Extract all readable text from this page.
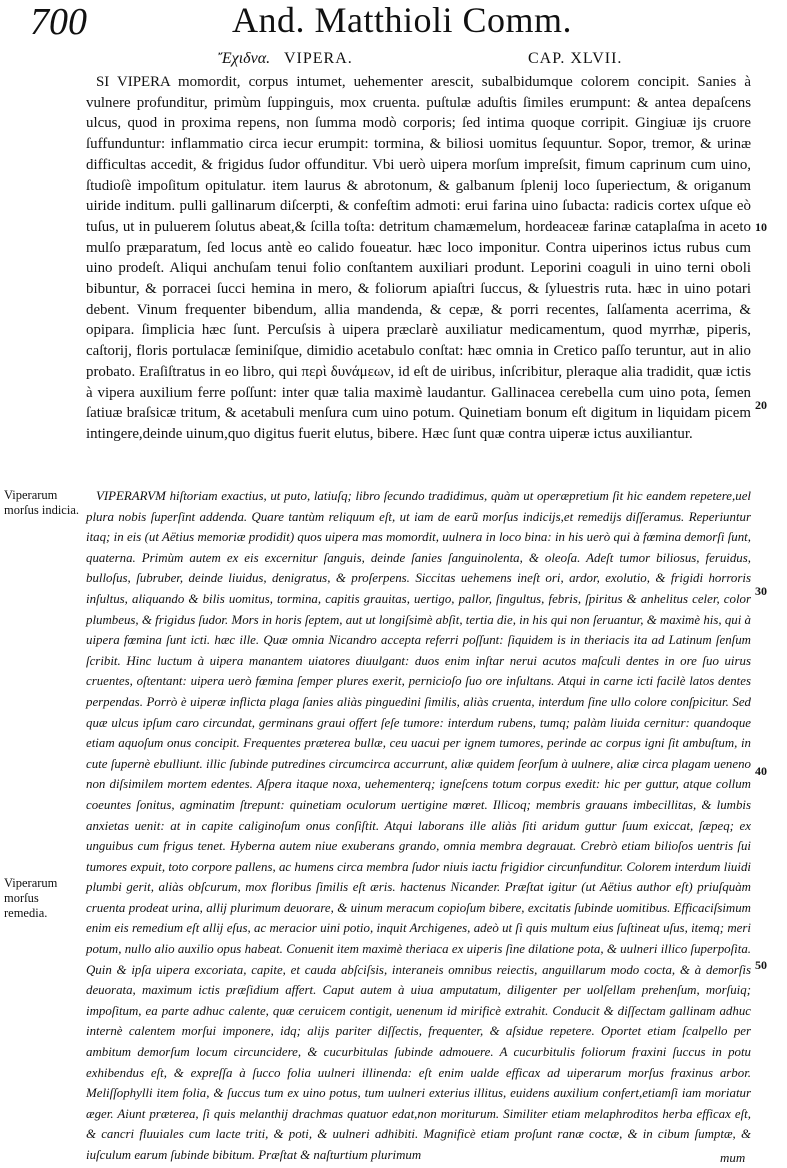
700	And. Matthioli Comm.
Ἔχιδνα. VIPERA.	CAP. XLVII.

SI VIPERA momordit, corpus intumet, uehementer arescit, subalbidumque colorem concipit. Sanies à vulnere profunditur, primùm ſuppinguis, mox cruenta. puſtulæ aduſtis ſimiles erumpunt: & antea depaſcens ulcus, quod in proxima repens, non ſumma modò corporis; ſed intima quoque corripit. Gingiuæ ijs cruore ſuffunduntur: inflammatio circa iecur erumpit: tormina, & biliosi uomitus ſequuntur. Sopor, tremor, & urinæ difficultas accedit, & frigidus ſudor offunditur. Vbi uerò uipera morſum impreſsit, fimum caprinum cum uino, ſtudioſè impoſitum opitulatur. item laurus & abrotonum, & galbanum ſplenij loco ſuperiectum, & origanum uiride inditum. pulli gallinarum diſcerpti, & confeſtim admoti: erui farina uino ſubacta: radicis cortex uſque eò tuſus, ut in puluerem ſolutus abeat,& ſcilla toſta: detritum chamæmelum, hordeaceæ farinæ cataplaſma in aceto mulſo præparatum, ſed locus antè eo calido foueatur. hæc loco imponitur. Contra uiperinos ictus rubus cum uino prodeſt. Aliqui anchuſam tenui folio conſtantem auxiliari produnt. Leporini coaguli in uino terni oboli bibuntur, & porracei ſucci hemina in mero, & foliorum apiaſtri ſuccus, & ſyluestris ruta. hæc in uino potari debent. Vinum frequenter bibendum, allia mandenda, & cepæ, & porri recentes, ſalſamenta acerrima, & opipara. ſimplicia hæc ſunt. Percuſsis à uipera præclarè auxiliatur medicamentum, quod myrrhæ, piperis, caſtorij, floris portulacæ ſeminiſque, dimidio acetabulo conſtat: hæc omnia in Cretico paſſo teruntur, aut in alio probato. Eraſiſtratus in eo libro, qui περὶ δυνάμεων, id eſt de uiribus, inſcribitur, pleraque alia tradidit, quæ ictis à vipera auxilium ferre poſſunt: inter quæ talia maximè laudantur. Gallinacea cerebella cum uino pota, ſemen ſatiuæ braſsicæ tritum, & acetabuli menſura cum uino potum. Quinetiam bonum eſt digitum in liquidam picem intingere,deinde uinum,quo digitus fuerit elutus, bibere. Hæc ſunt quæ contra uiperæ ictus auxiliantur.

VIPERARVM hiſtoriam exactius, ut puto, latiuſq; libro ſecundo tradidimus, quàm ut operæpretium ſit hic eandem repetere,uel plura nobis ſuperſint addenda. Quare tantùm reliquum eſt, ut iam de earũ morſus indicijs,et remedijs diſſeramus. Reperiuntur itaq; in eis (ut Aëtius memoriæ prodidit) quos uipera mas momordit, uulnera in loco bina: in his uerò qui à fœmina demorſi ſunt, quaterna. Primùm autem ex eis excernitur ſanguis, deinde ſanies ſanguinolenta, & oleoſa. Adeſt tumor biliosus, feruidus, bulloſus, ſubruber, deinde liuidus, denigratus, & proſerpens. Siccitas uehemens ineſt ori, ardor, exolutio, & frigidi horroris inſultus, aliquando & bilis uomitus, tormina, capitis grauitas, uertigo, pallor, ſingultus, febris, ſpiritus & anhelitus celer, color plumbeus, & frigidus ſudor. Mors in horis ſeptem, aut ut longiſsimè abſit, tertia die, in his qui non ſeruantur, & maximè his, qui à uipera fœmina ſunt icti. hæc ille. Quæ omnia Nicandro accepta referri poſſunt: ſiquidem is in theriacis ita ad Latinum ſenſum ſcribit. Hinc luctum à uipera manantem uiatores diuulgant: duos enim inſtar nerui acutos maſculi dentes in ore ſuo uirus cruentes, oſtentant: uipera uerò fœmina ſemper plures exerit, pernicioſo ſuo ore inſultans. Atqui in carne icti facilè latos dentes perpendas. Porrò è uiperæ inflicta plaga ſanies aliàs pinguedini ſimilis, aliàs cruenta, interdum ſine ullo colore conſpicitur. Sed quæ ulcus ipſum caro circundat, germinans graui offert ſeſe tumore: interdum rubens, tumq; palàm liuida cernitur: quandoque etiam aquoſum onus concipit. Frequentes præterea bullæ, ceu uacui per ignem tumores, perinde ac corpus igni ſit ambuſtum, in cute ſupernè ebulliunt. illic ſubinde putredines circumcirca accurrunt, aliæ quidem ſeorſum à uulnere, aliæ circa plagam ueneno non diſsimilem mortem edentes. Aſpera itaque noxa, uehementerq; igneſcens totum corpus exedit: hic per guttur, atque collum coeuntes ſonitus, agminatim ſtrepunt: quinetiam oculorum uertigine mœret. Illicoq; membris grauans imbecillitas, & lumbis anxietas uenit: at in capite caliginoſum onus conſiſtit. Atqui laborans ille aliàs ſiti aridum guttur ſuum exiccat, ſæpeq; ex unguibus cum frigus tenet. Hyberna autem niue exuberans grando, omnia membra degrauat. Crebrò etiam bilioſos uentris ſui tumores expuit, toto corpore pallens, ac humens circa membra ſudor niuis iactu frigidior circunfunditur. Colorem interdum liuidi plumbi gerit, aliàs obſcurum, mox floribus ſimilis eſt æris. hactenus Nicander. Præſtat igitur (ut Aëtius author eſt) priuſquàm cruenta prodeat urina, allij plurimum deuorare, & uinum meracum copioſum bibere, excitatis ſubinde uomitibus. Efficaciſsimum enim eis remedium eſt allij eſus, ac meracior uini potio, inquit Archigenes, adeò ut ſi quis multum eius ſuſtineat uſus, itemq; meri potum, nullo alio auxilio opus habeat. Conuenit item maximè theriaca ex uiperis ſine dilatione pota, & uulneri illico ſuperpoſita. Quin & ipſa uipera excoriata, capite, et cauda abſciſsis, interaneis omnibus reiectis, anguillarum modo cocta, & à demorſis deuorata, maximum ictis præſidium affert. Caput autem à uiua amputatum, diligenter per uolſellam prehenſum, morſuiq; impoſitum, ea parte adhuc calente, quæ ceruicem contigit, uenenum id mirificè extrahit. Conducit & diſſectam gallinam adhuc internè calentem morſui imponere, idq; alijs pariter diſſectis, frequenter, & aſsidue repetere. Oportet etiam ſcalpello per ambitum demorſum locum circuncidere, & cucurbitulas ſubinde admouere. A cucurbitulis foliorum fraxini ſuccus in potu exhibendus eſt, & expreſſa à ſucco folia uulneri illinenda: eſt enim ualde efficax ad uiperarum morſus fraxinus arbor. Meliſſophylli item folia, & ſuccus tum ex uino potus, tum uulneri exterius illitus, euidens auxilium confert,etiamſi iam moriatur æger. Aiunt præterea, ſi quis melanthij drachmas quatuor edat,non moriturum. Similiter etiam melaphroditos herba efficax eſt, & cancri fluuiales cum lacte triti, & poti, & uulneri adhibiti. Magnificè etiam proſunt ranæ coctæ, & in cibum ſumptæ, & iuſculum earum ſubinde bibitum. Præſtat & naſturtium plurimum

Viperarum morſus indicia.
Viperarum morſus remedia.
10
20
30
40
50
mum
